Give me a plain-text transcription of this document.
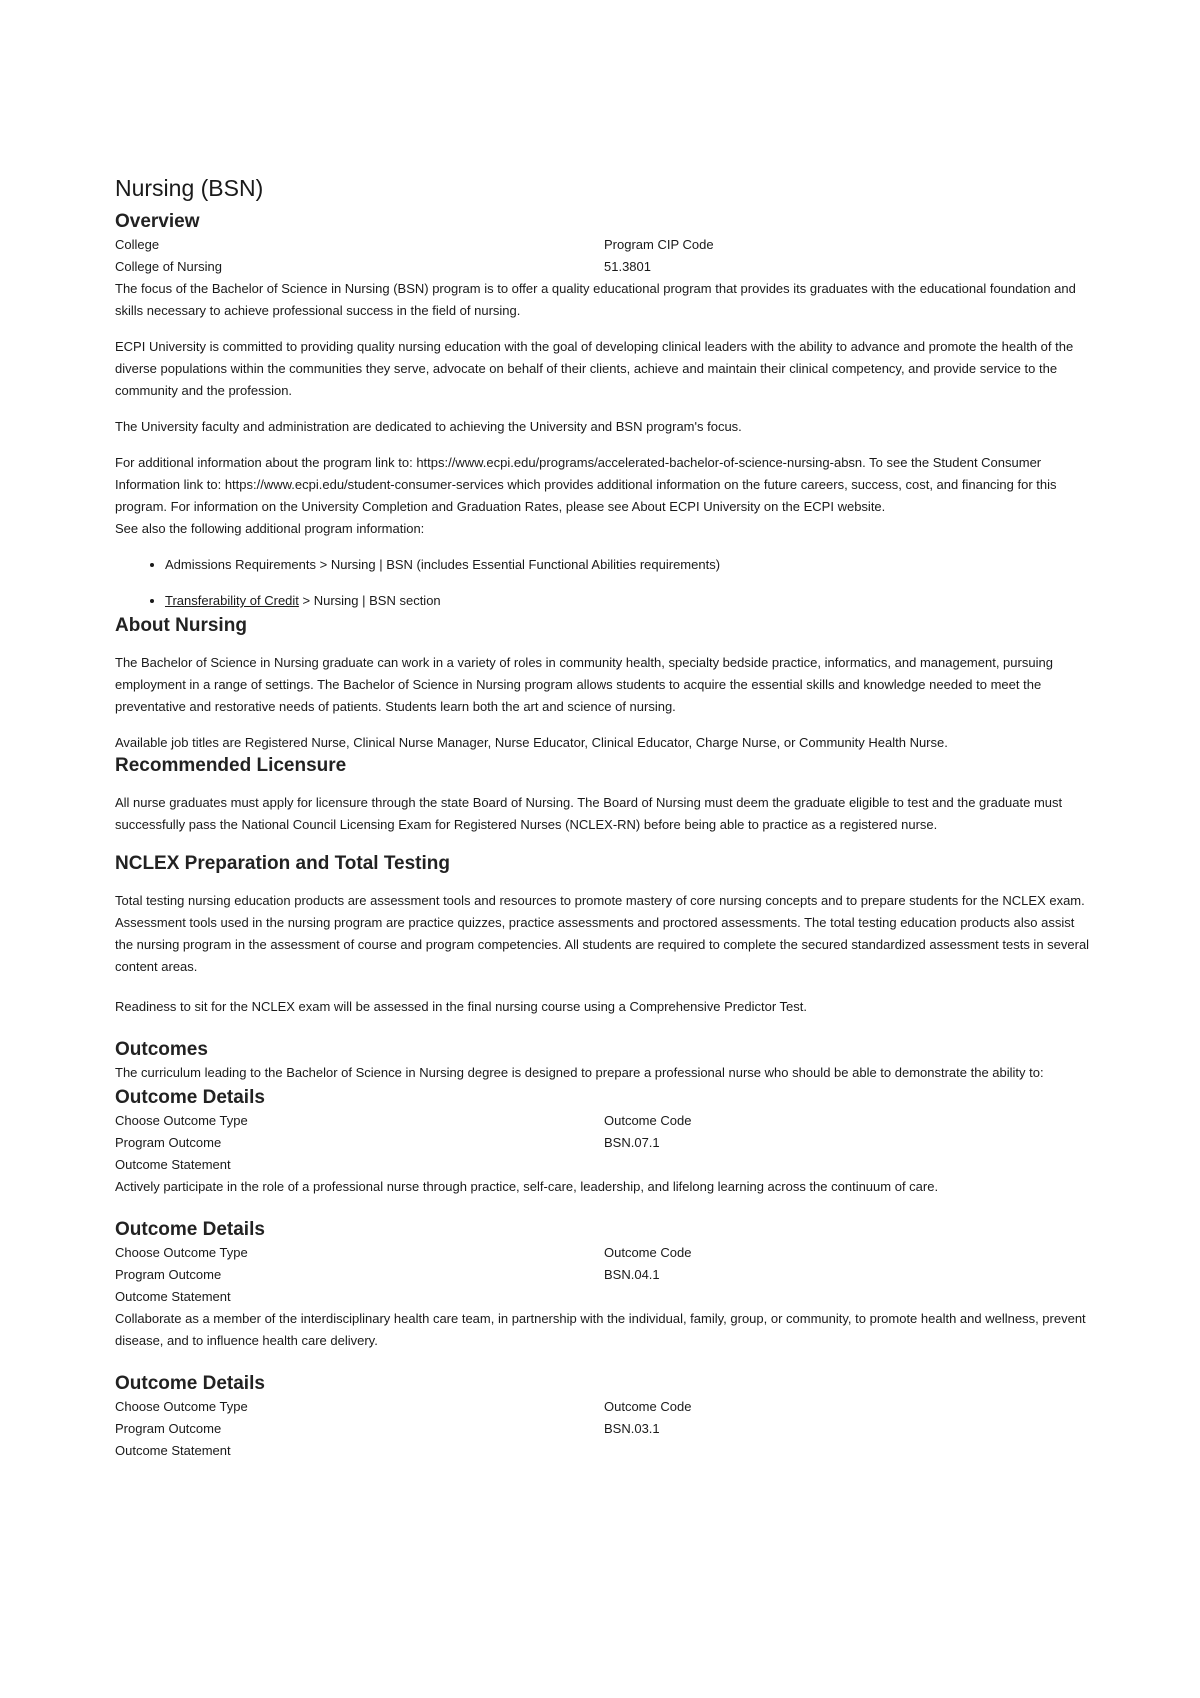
Nursing (BSN)
Overview
College	Program CIP Code
College of Nursing	51.3801

The focus of the Bachelor of Science in Nursing (BSN) program is to offer a quality educational program that provides its graduates with the educational foundation and skills necessary to achieve professional success in the field of nursing.

ECPI University is committed to providing quality nursing education with the goal of developing clinical leaders with the ability to advance and promote the health of the diverse populations within the communities they serve, advocate on behalf of their clients, achieve and maintain their clinical competency, and provide service to the community and the profession.

The University faculty and administration are dedicated to achieving the University and BSN program's focus.

For additional information about the program link to: https://www.ecpi.edu/programs/accelerated-bachelor-of-science-nursing-absn. To see the Student Consumer Information link to: https://www.ecpi.edu/student-consumer-services which provides additional information on the future careers, success, cost, and financing for this program. For information on the University Completion and Graduation Rates, please see About ECPI University on the ECPI website.

See also the following additional program information:

• Admissions Requirements > Nursing | BSN (includes Essential Functional Abilities requirements)
• Transferability of Credit > Nursing | BSN section
About Nursing

The Bachelor of Science in Nursing graduate can work in a variety of roles in community health, specialty bedside practice, informatics, and management, pursuing employment in a range of settings. The Bachelor of Science in Nursing program allows students to acquire the essential skills and knowledge needed to meet the preventative and restorative needs of patients. Students learn both the art and science of nursing.

Available job titles are Registered Nurse, Clinical Nurse Manager, Nurse Educator, Clinical Educator, Charge Nurse, or Community Health Nurse.

Recommended Licensure

All nurse graduates must apply for licensure through the state Board of Nursing. The Board of Nursing must deem the graduate eligible to test and the graduate must successfully pass the National Council Licensing Exam for Registered Nurses (NCLEX-RN) before being able to practice as a registered nurse.

NCLEX Preparation and Total Testing

Total testing nursing education products are assessment tools and resources to promote mastery of core nursing concepts and to prepare students for the NCLEX exam. Assessment tools used in the nursing program are practice quizzes, practice assessments and proctored assessments. The total testing education products also assist the nursing program in the assessment of course and program competencies. All students are required to complete the secured standardized assessment tests in several content areas.

Readiness to sit for the NCLEX exam will be assessed in the final nursing course using a Comprehensive Predictor Test.

Outcomes

The curriculum leading to the Bachelor of Science in Nursing degree is designed to prepare a professional nurse who should be able to demonstrate the ability to:

Outcome Details
Choose Outcome Type	Outcome Code
Program Outcome	BSN.07.1

Outcome Statement

Actively participate in the role of a professional nurse through practice, self-care, leadership, and lifelong learning across the continuum of care.

Outcome Details
Choose Outcome Type	Outcome Code
Program Outcome	BSN.04.1

Outcome Statement

Collaborate as a member of the interdisciplinary health care team, in partnership with the individual, family, group, or community, to promote health and wellness, prevent disease, and to influence health care delivery.

Outcome Details
Choose Outcome Type	Outcome Code
Program Outcome	BSN.03.1

Outcome Statement
